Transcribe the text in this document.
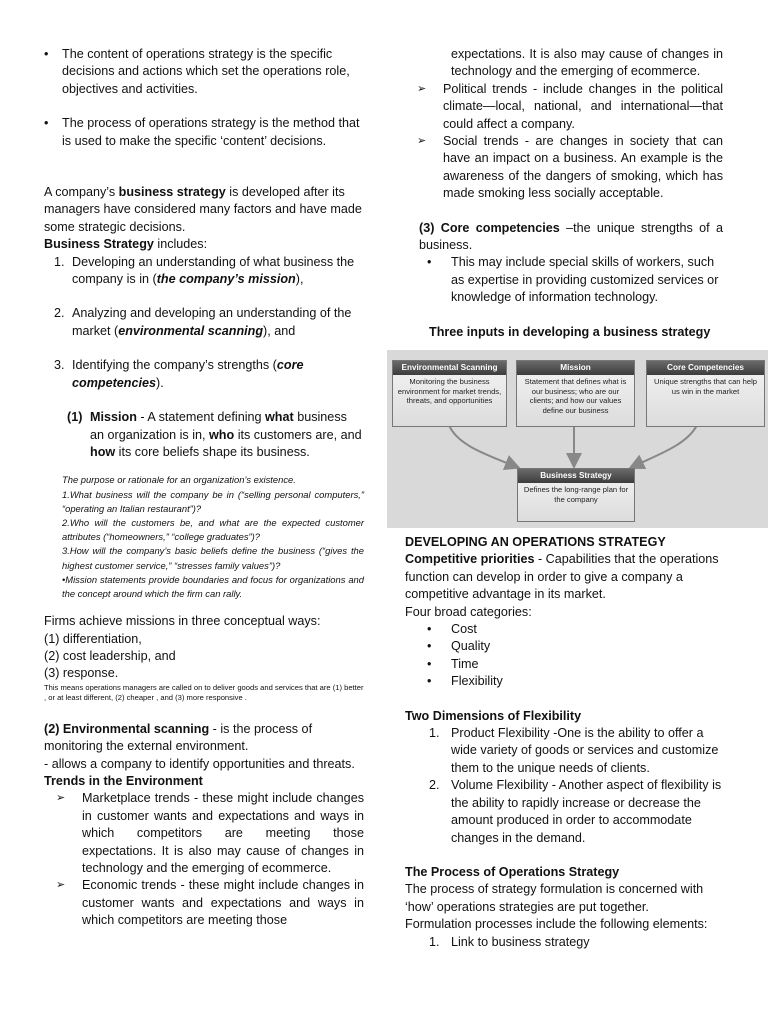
• The content of operations strategy is the specific decisions and actions which set the operations role, objectives and activities.

• The process of operations strategy is the method that is used to make the specific ‘content’ decisions.

A company’s business strategy is developed after its managers have considered many factors and have made some strategic decisions.

Business Strategy includes:

1. Developing an understanding of what business the company is in (the company’s mission),

2. Analyzing and developing an understanding of the market (environmental scanning), and

3. Identifying the company’s strengths (core competencies).

(1) Mission - A statement defining what business an organization is in, who its customers are, and how its core beliefs shape its business.

The purpose or rationale for an organization’s existence.

1.What business will the company be in (“selling personal computers,” “operating an Italian restaurant”)?

2.Who will the customers be, and what are the expected customer attributes (“homeowners,” “college graduates”)?

3.How will the company’s basic beliefs define the business (“gives the highest customer service,” “stresses family values”)?

•Mission statements provide boundaries and focus for organizations and the concept around which the firm can rally.

Firms achieve missions in three conceptual ways:

(1) differentiation,

(2) cost leadership, and

(3) response.

This means operations managers are called on to deliver goods and services that are (1) better , or at least different, (2) cheaper , and (3) more responsive .

(2) Environmental scanning - is the process of monitoring the external environment.

- allows a company to identify opportunities and threats.

Trends in the Environment

➢ Marketplace trends - these might include changes in customer wants and expectations and ways in which competitors are meeting those expectations. It is also may cause of changes in technology and the emerging of ecommerce.

➢ Economic trends - these might include changes in customer wants and expectations and ways in which competitors are meeting those

expectations. It is also may cause of changes in technology and the emerging of ecommerce.

➢ Political trends - include changes in the political climate—local, national, and international—that could affect a company.

➢ Social trends - are changes in society that can have an impact on a business. An example is the awareness of the dangers of smoking, which has made smoking less socially acceptable.

(3) Core competencies –the unique strengths of a business.

• This may include special skills of workers, such as expertise in providing customized services or knowledge of information technology.

Three inputs in developing a business strategy

Environmental Scanning
Monitoring the business environment for market trends, threats, and opportunities
Mission
Statement that defines what is our business; who are our clients; and how our values define our business
Core Competencies
Unique strengths that can help us win in the market
Business Strategy
Defines the long-range plan for the company

DEVELOPING AN OPERATIONS STRATEGY

Competitive priorities - Capabilities that the operations function can develop in order to give a company a competitive advantage in its market.

Four broad categories:

• Cost

• Quality

• Time

• Flexibility

Two Dimensions of Flexibility

1. Product Flexibility -One is the ability to offer a wide variety of goods or services and customize them to the unique needs of clients.

2. Volume Flexibility - Another aspect of flexibility is the ability to rapidly increase or decrease the amount produced in order to accommodate changes in the demand.

The Process of Operations Strategy

The process of strategy formulation is concerned with ‘how’ operations strategies are put together.

Formulation processes include the following elements:

1. Link to business strategy
